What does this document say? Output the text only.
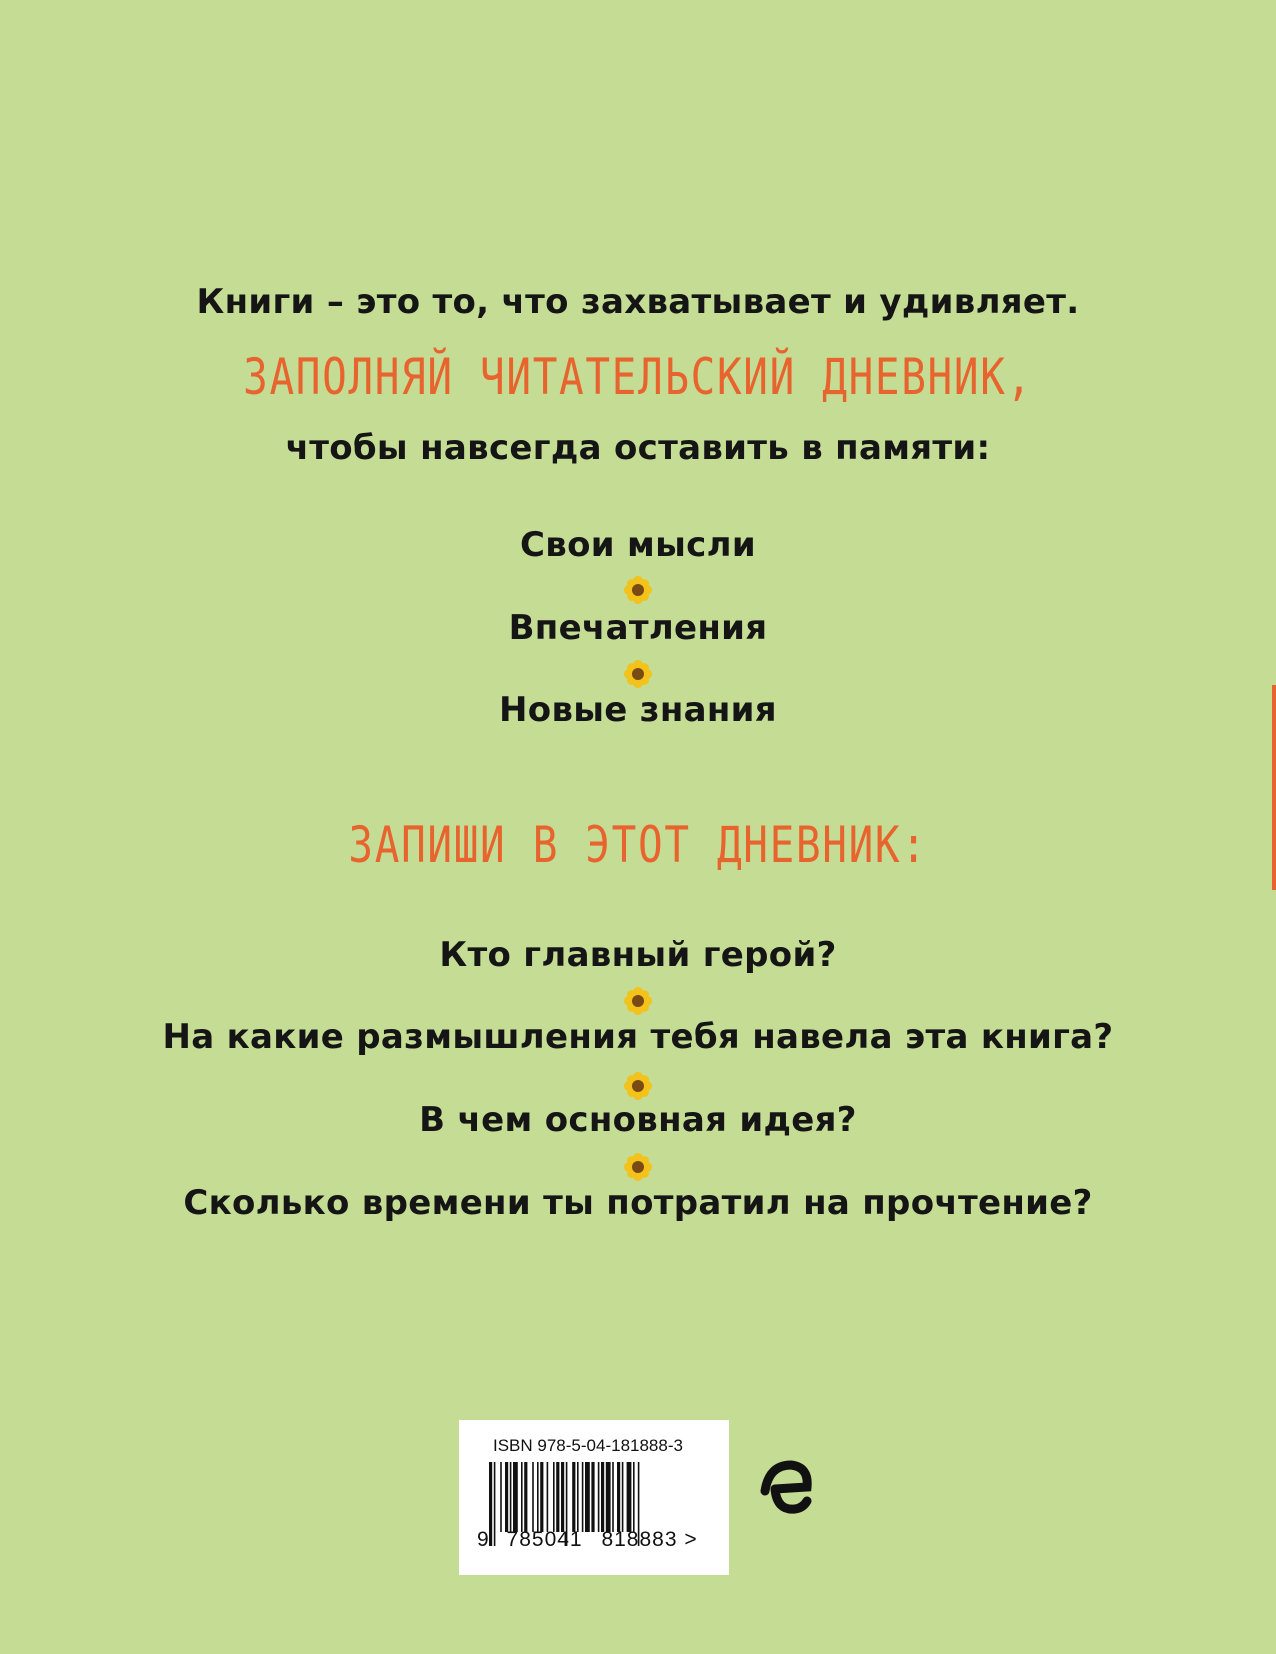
Книги – это то, что захватывает и удивляет.
ЗАПОЛНЯЙ ЧИТАТЕЛЬСКИЙ ДНЕВНИК,
чтобы навсегда оставить в памяти:
Свои мысли
Впечатления
Новые знания
ЗАПИШИ В ЭТОТ ДНЕВНИК:
Кто главный герой?
На какие размышления тебя навела эта книга?
В чем основная идея?
Сколько времени ты потратил на прочтение?
ISBN 978-5-04-181888-3
9 785041 818883 >
